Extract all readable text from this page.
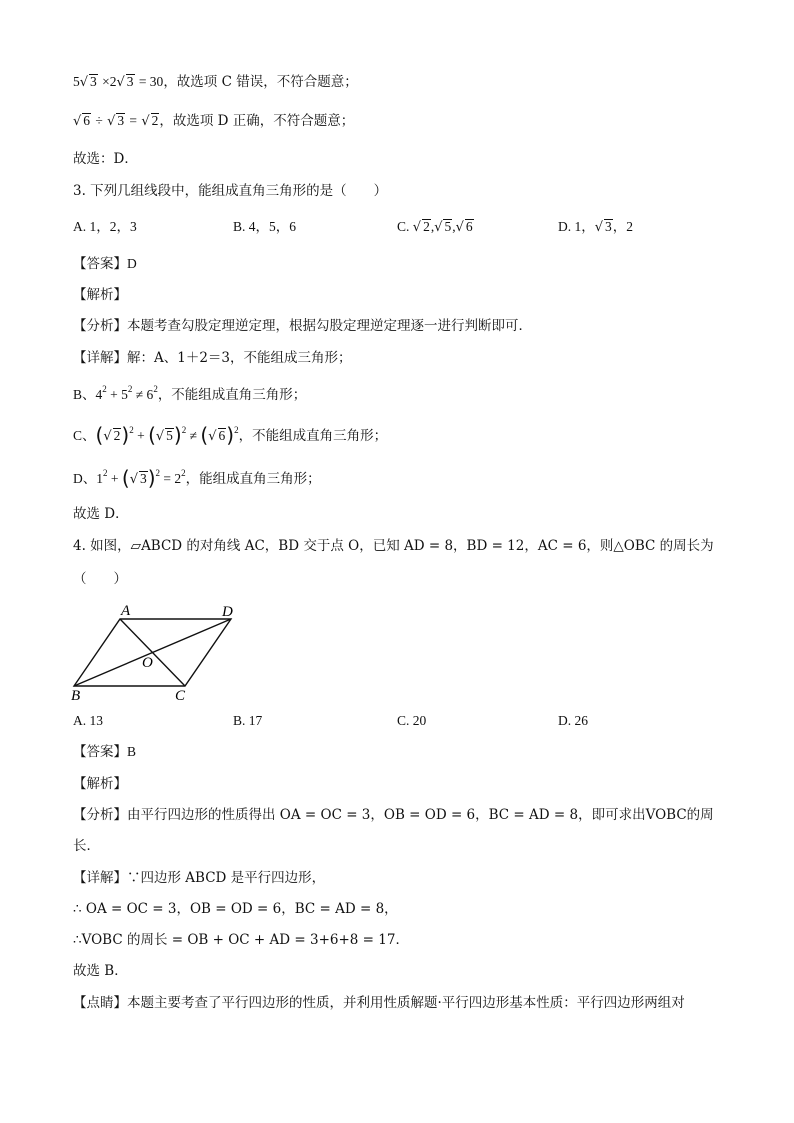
5√ 3 ×2√ 3 = 30，故选项 C 错误，不符合题意；
√ 6 ÷ √ 3 = √ 2，故选项 D 正确，不符合题意；
故选：D．
3. 下列几组线段中，能组成直角三角形的是（　　）
A. 1，2，3	B. 4，5，6	C. √ 2,√ 5,√ 6	D. 1，√ 3，2
【答案】D
【解析】
【分析】本题考查勾股定理逆定理，根据勾股定理逆定理逐一进行判断即可．
【详解】解：A、1＋2＝3，不能组成三角形；
B、$4^2 + 5^2 \ne 6^2$，不能组成直角三角形；
C、(√ 2)$^2$ + (√ 5)$^2$ ≠ (√ 6)$^2$，不能组成直角三角形；
D、$1^2$ + (√ $3)^2 = 2^2$，能组成直角三角形；
故选 D．
4. 如图，▱ABCD 的对角线 AC，BD 交于点 O，已知 AD = 8，BD = 12，AC = 6，则△OBC 的周长为
（　　）
A	D
O
B	C
A. 13	B. 17	C. 20	D. 26
【答案】B
【解析】
【分析】由平行四边形的性质得出 OA = OC = 3，OB = OD = 6，BC = AD = 8，即可求出VOBC的周
长．
【详解】∵四边形 ABCD 是平行四边形，
∴ OA = OC = 3，OB = OD = 6，BC = AD = 8，
∴VOBC 的周长 = OB + OC + AD = 3+6+8 = 17．
故选 B．
【点睛】本题主要考查了平行四边形的性质，并利用性质解题·平行四边形基本性质：平行四边形两组对
